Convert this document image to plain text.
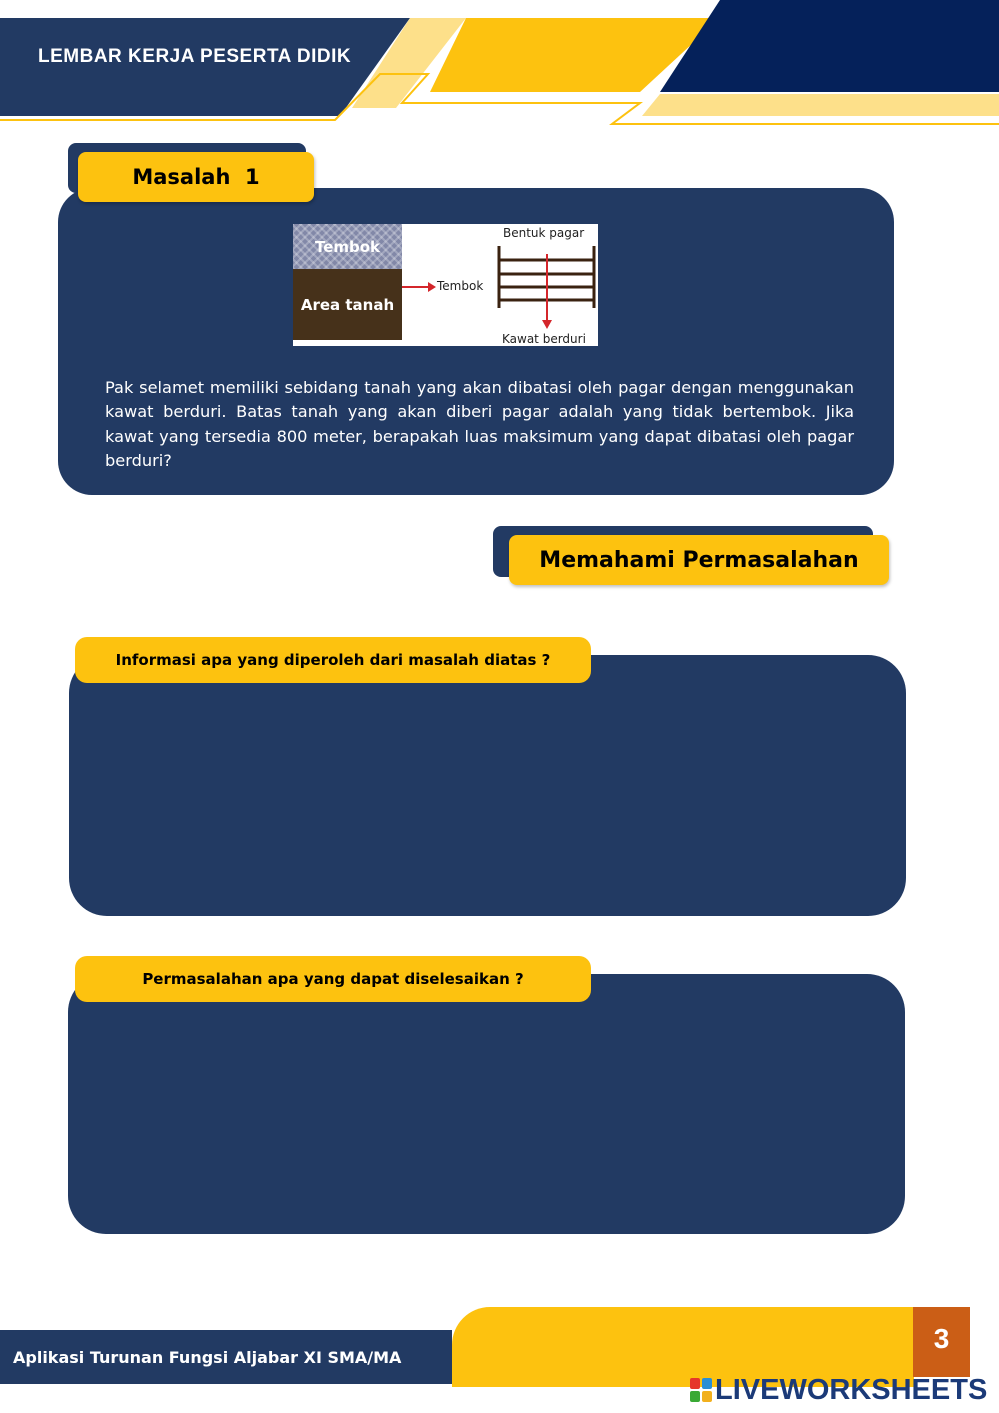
LEMBAR KERJA PESERTA DIDIK
Masalah  1
Tembok
Area tanah
Tembok
Bentuk pagar
Kawat berduri

Pak selamet memiliki sebidang tanah yang akan dibatasi oleh pagar dengan menggunakan kawat berduri. Batas tanah yang akan diberi pagar adalah yang tidak bertembok. Jika kawat yang tersedia 800 meter, berapakah luas maksimum yang dapat dibatasi oleh pagar berduri?

Memahami Permasalahan
Informasi apa yang diperoleh dari masalah diatas ?
Permasalahan apa yang dapat diselesaikan ?
Aplikasi Turunan Fungsi Aljabar XI SMA/MA
3
LIVEWORKSHEETS
